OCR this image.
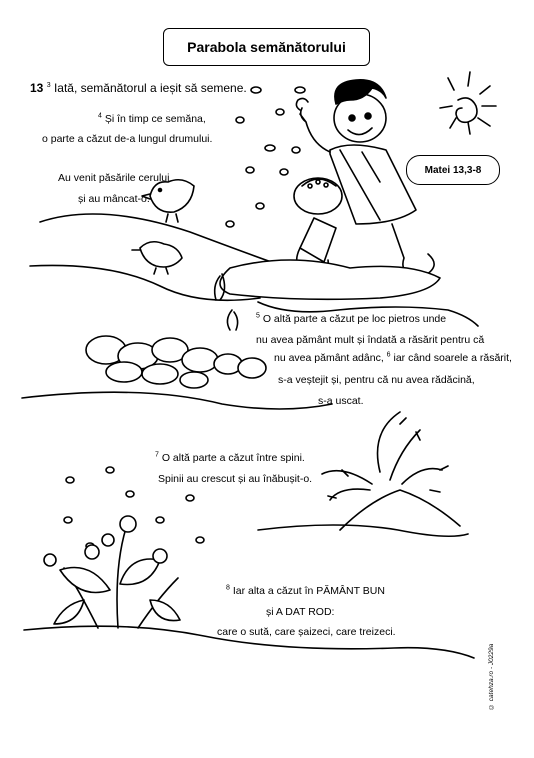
Parabola semănătorului
13 $^3$ Iată, semănătorul a ieșit să semene.
$^4$ Și în timp ce semăna,
o parte a căzut de-a lungul drumului.
Au venit păsările cerului
și au mâncat-o.
Matei 13,3-8
$^5$ O altă parte a căzut pe loc pietros unde
nu avea pământ mult și îndată a răsărit pentru că
nu avea pământ adânc, $^6$ iar când soarele a răsărit,
s-a veștejit și, pentru că nu avea rădăcină,
s-a uscat.
$^7$ O altă parte a căzut între spini.
Spinii au crescut și au înăbușit-o.
$^8$ Iar alta a căzut în PĂMÂNT BUN
și A DAT ROD:
care o sută, care șaizeci, care treizeci.
© catehza.ro - J0229a
